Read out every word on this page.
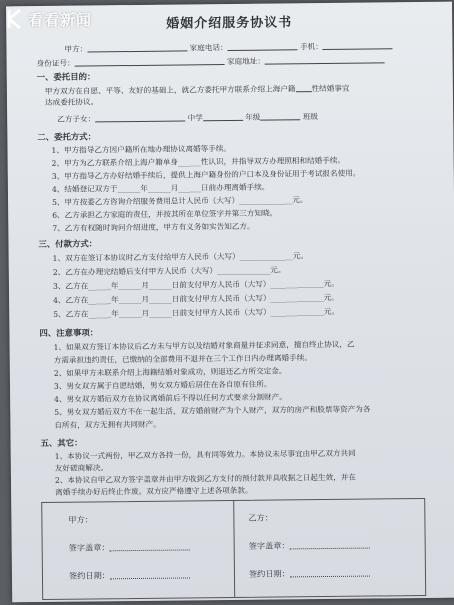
婚姻介绍服务协议书
甲方：	家庭电话：	手机：
身份证号：	家庭地址：
一、委托目的：
甲方双方在自愿、平等、友好的基础上，就乙方委托甲方联系介绍上海户籍 性结婚事宜
达成委托协议。
乙方子女：	中学	年级	班级
二、委托方式：
1、甲方指导乙方因户籍所在地办理协议离婚等手续。
2、甲方为乙方联系介绍上海户籍单身______性认识，并指导双方办理照相和结婚手续。
3、甲方指导乙方办好结婚手续后，提供上海户籍身份的户口本及身份证用于考试报名使用。
4、结婚登记双方于______年______月______日前办理离婚手续。
5、甲方按委乙方咨询介绍服务费用总计人民币（大写）______________元。
6、乙方承担乙方家庭的责任，并按其所在单位签字并第三方知晓。
7、乙方有权随时询问介绍进度，甲方有义务如实告知乙方。
三、付款方式：
1、双方在签订本协议时乙方支付给甲方人民币（大写）______________元。
2、乙方在办理完结婚后支付甲方人民币（大写）______________元。
3、乙方在______年______月______日前支付甲方人民币（大写）______________元。
4、乙方在______年______月______日前支付甲方人民币（大写）______________元。
5、乙方在______年______月______日前支付甲方人民币（大写）______________元。
四、注意事项：
1、如果双方签订本协议后乙方未与甲方以及结婚对象商量并征求同意，擅自终止协议，乙
方需承担违约责任，已缴纳的全部费用不退并在三个工作日内办理离婚手续。
2、如果甲方未联系介绍上海籍结婚对象成功，则退还乙方所交定金。
3、男女双方属于自愿结婚，男女双方婚后居住在各自原有住所。
4、男女双方婚后双方在协议离婚前后不得以任何方式要求分割财产。
5、男女双方婚后双方不在一起生活，双方婚前财产为个人财产，双方的房产和股票等资产为各
自所有，双方无拥有共同财产。
五、其它：
1、本协议一式两份，甲乙双方各持一份，具有同等效力。本协议未尽事宜由甲乙双方共同
友好磋商解决。
2、本协议自甲乙双方签字盖章并由甲方收到乙方支付的预付款并具收据之日起生效，并在
离婚手续办好后终止作废。双方应严格遵守上述各项条款。
甲方：
签字盖章：
签约日期：
乙方：
签字盖章：
签约日期：
看看新闻
